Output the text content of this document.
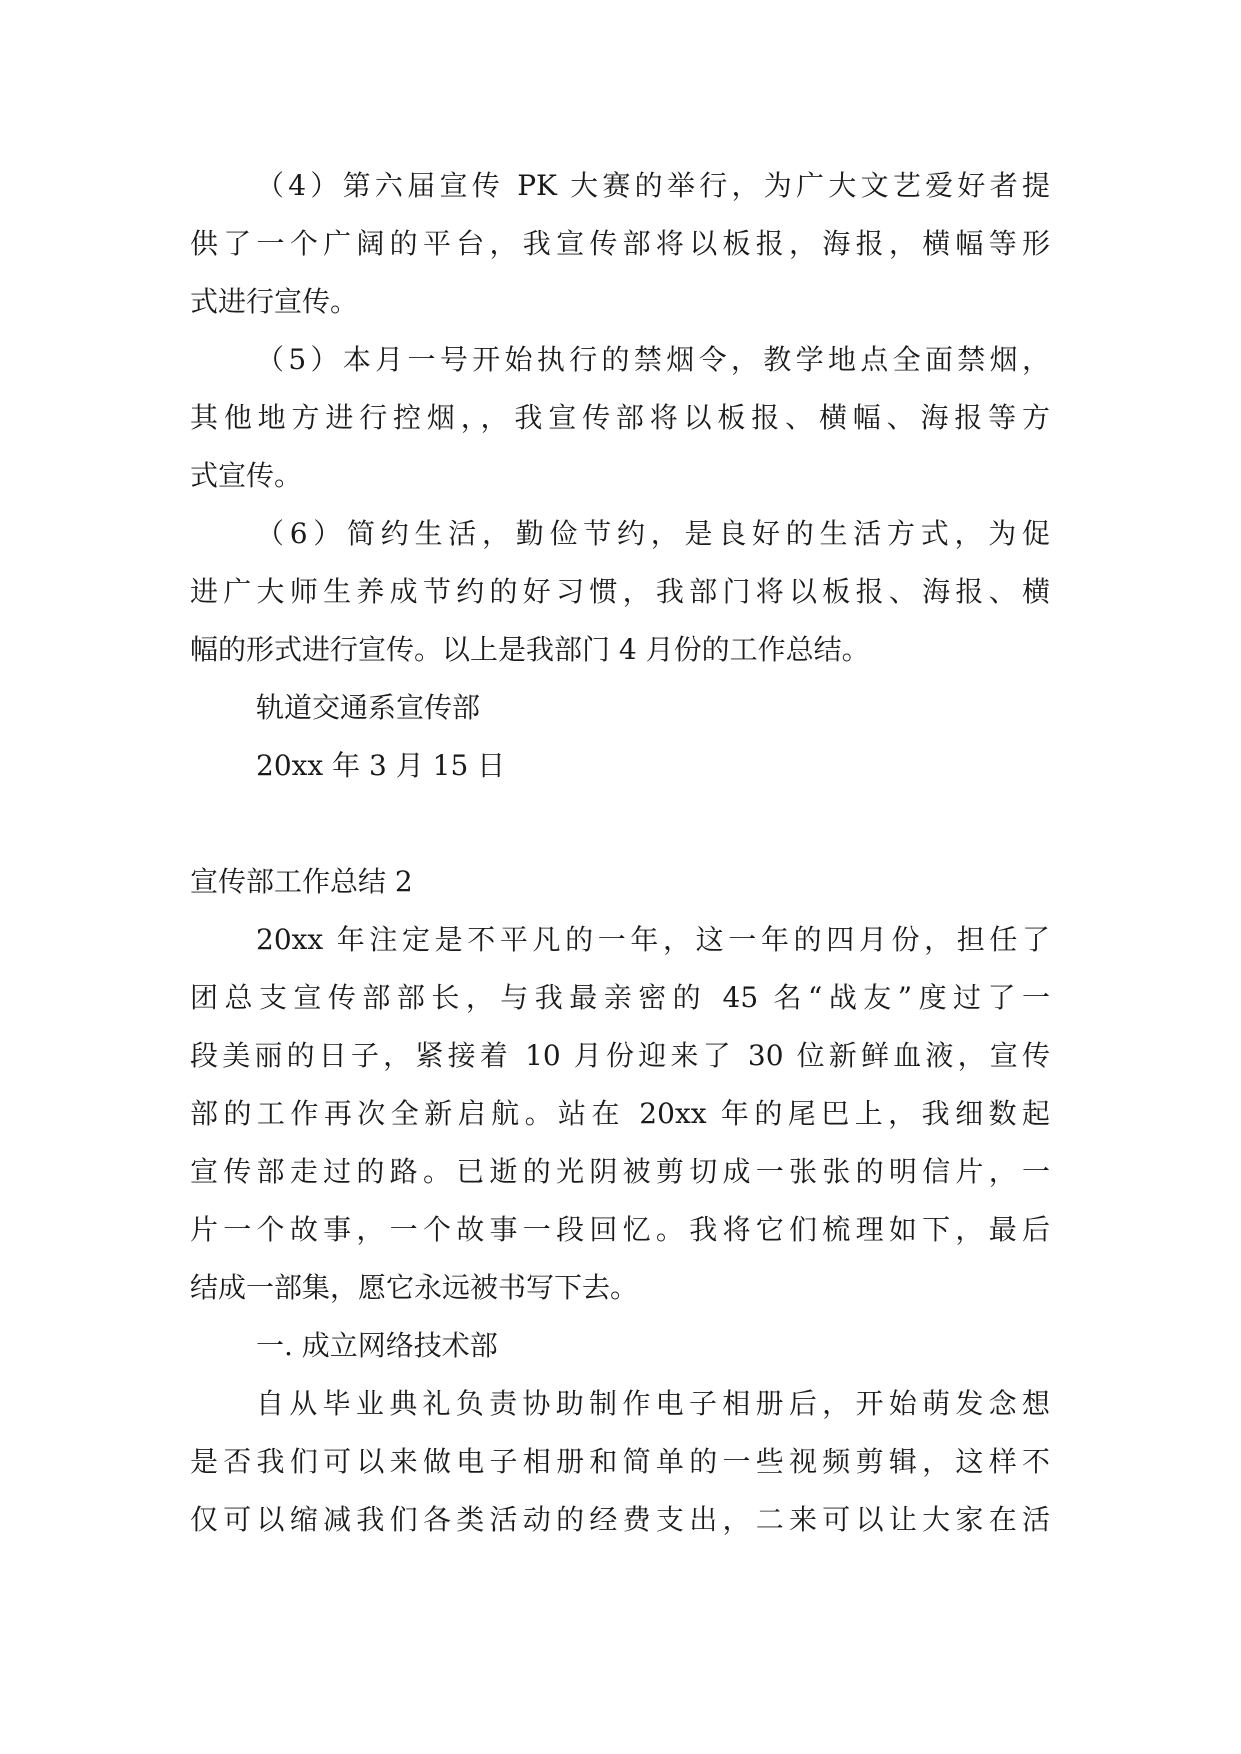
（4）第六届宣传 PK 大赛的举行，为广大文艺爱好者提
供了一个广阔的平台，我宣传部将以板报，海报，横幅等形
式进行宣传。
（5）本月一号开始执行的禁烟令，教学地点全面禁烟，
其他地方进行控烟，，我宣传部将以板报、横幅、海报等方
式宣传。
（6）简约生活，勤俭节约，是良好的生活方式，为促
进广大师生养成节约的好习惯，我部门将以板报、海报、横
幅的形式进行宣传。以上是我部门 4 月份的工作总结。
轨道交通系宣传部
20xx 年 3 月 15 日
宣传部工作总结 2
20xx 年注定是不平凡的一年，这一年的四月份，担任了
团总支宣传部部长，与我最亲密的 45 名“战友”度过了一
段美丽的日子，紧接着 10 月份迎来了 30 位新鲜血液，宣传
部的工作再次全新启航。站在 20xx 年的尾巴上，我细数起
宣传部走过的路。已逝的光阴被剪切成一张张的明信片，一
片一个故事，一个故事一段回忆。我将它们梳理如下，最后
结成一部集，愿它永远被书写下去。
一. 成立网络技术部
自从毕业典礼负责协助制作电子相册后，开始萌发念想
是否我们可以来做电子相册和简单的一些视频剪辑，这样不
仅可以缩减我们各类活动的经费支出，二来可以让大家在活
